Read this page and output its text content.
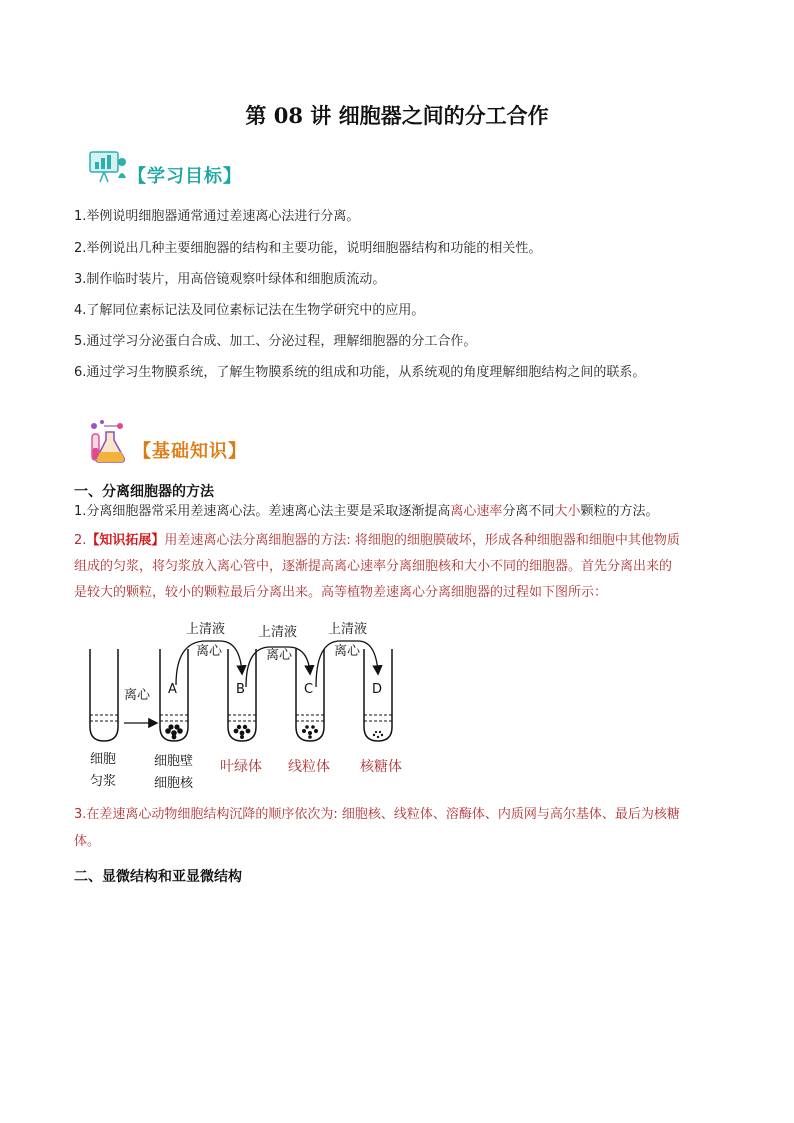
第 08 讲 细胞器之间的分工合作
【学习目标】
1.举例说明细胞器通常通过差速离心法进行分离。
2.举例说出几种主要细胞器的结构和主要功能，说明细胞器结构和功能的相关性。
3.制作临时装片，用高倍镜观察叶绿体和细胞质流动。
4.了解同位素标记法及同位素标记法在生物学研究中的应用。
5.通过学习分泌蛋白合成、加工、分泌过程，理解细胞器的分工合作。
6.通过学习生物膜系统，了解生物膜系统的组成和功能，从系统观的角度理解细胞结构之间的联系。
【基础知识】
一、分离细胞器的方法
1.分离细胞器常采用差速离心法。差速离心法主要是采取逐渐提高离心速率分离不同大小颗粒的方法。
2.【知识拓展】用差速离心法分离细胞器的方法: 将细胞的细胞膜破坏，形成各种细胞器和细胞中其他物质
组成的匀浆，将匀浆放入离心管中，逐渐提高离心速率分离细胞核和大小不同的细胞器。首先分离出来的
是较大的颗粒，较小的颗粒最后分离出来。高等植物差速离心分离细胞器的过程如下图所示：
A	B	C	D
离心
上清液
离心
上清液
离心
上清液
离心
细胞
匀浆
细胞壁
细胞核
叶绿体 线粒体 核糖体
3.在差速离心动物细胞结构沉降的顺序依次为: 细胞核、线粒体、溶酶体、内质网与高尔基体、最后为核糖
体。
二、显微结构和亚显微结构
